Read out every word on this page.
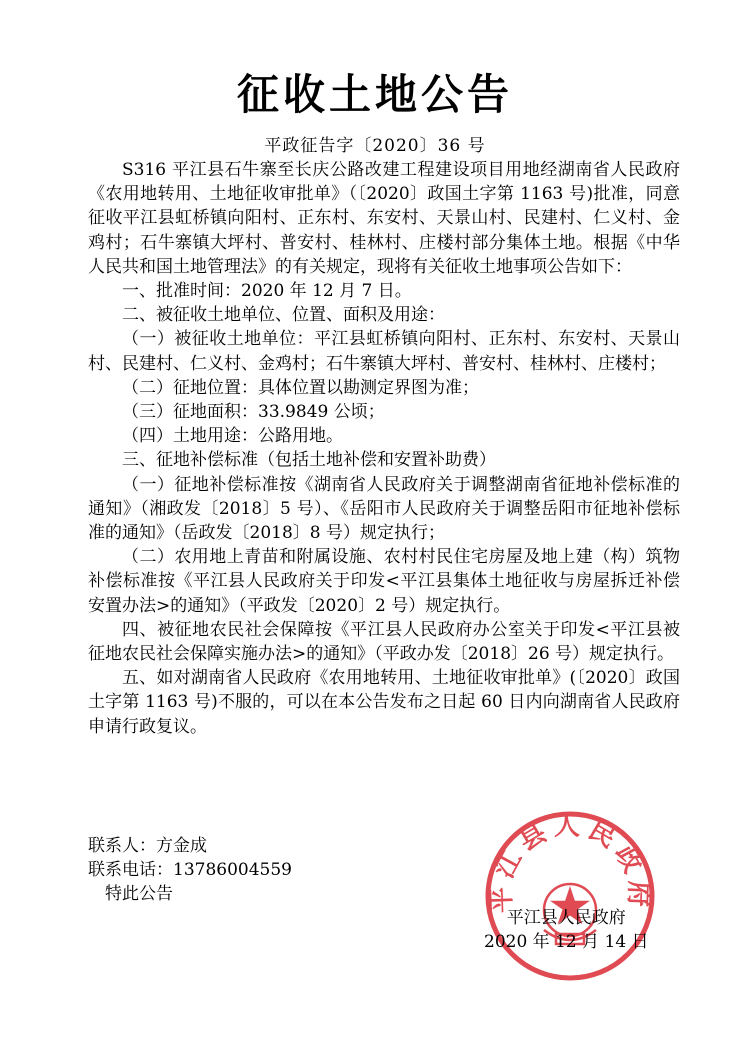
征收土地公告
平政征告字〔2020〕36 号

S316 平江县石牛寨至长庆公路改建工程建设项目用地经湖南省人民政府《农用地转用、土地征收审批单》（〔2020〕政国土字第 1163 号)批准，同意征收平江县虹桥镇向阳村、正东村、东安村、天景山村、民建村、仁义村、金鸡村；石牛寨镇大坪村、普安村、桂林村、庄楼村部分集体土地。根据《中华人民共和国土地管理法》的有关规定，现将有关征收土地事项公告如下：

一、批准时间：2020 年 12 月 7 日。

二、被征收土地单位、位置、面积及用途：

（一）被征收土地单位：平江县虹桥镇向阳村、正东村、东安村、天景山村、民建村、仁义村、金鸡村；石牛寨镇大坪村、普安村、桂林村、庄楼村；

（二）征地位置：具体位置以勘测定界图为准；

（三）征地面积：33.9849 公顷；

（四）土地用途：公路用地。

三、征地补偿标准（包括土地补偿和安置补助费）

（一）征地补偿标准按《湖南省人民政府关于调整湖南省征地补偿标准的通知》（湘政发〔2018〕5 号）、《岳阳市人民政府关于调整岳阳市征地补偿标准的通知》（岳政发〔2018〕8 号）规定执行；

（二）农用地上青苗和附属设施、农村村民住宅房屋及地上建（构）筑物补偿标准按《平江县人民政府关于印发<平江县集体土地征收与房屋拆迁补偿安置办法>的通知》（平政发〔2020〕2 号）规定执行。

四、被征地农民社会保障按《平江县人民政府办公室关于印发<平江县被征地农民社会保障实施办法>的通知》（平政办发〔2018〕26 号）规定执行。

五、如对湖南省人民政府《农用地转用、土地征收审批单》(〔2020〕政国土字第 1163 号)不服的，可以在本公告发布之日起 60 日内向湖南省人民政府申请行政复议。

联系人：方金成
联系电话：13786004559
特此公告	平江县人民政府
平江县人民政府
2020 年 12 月 14 日
